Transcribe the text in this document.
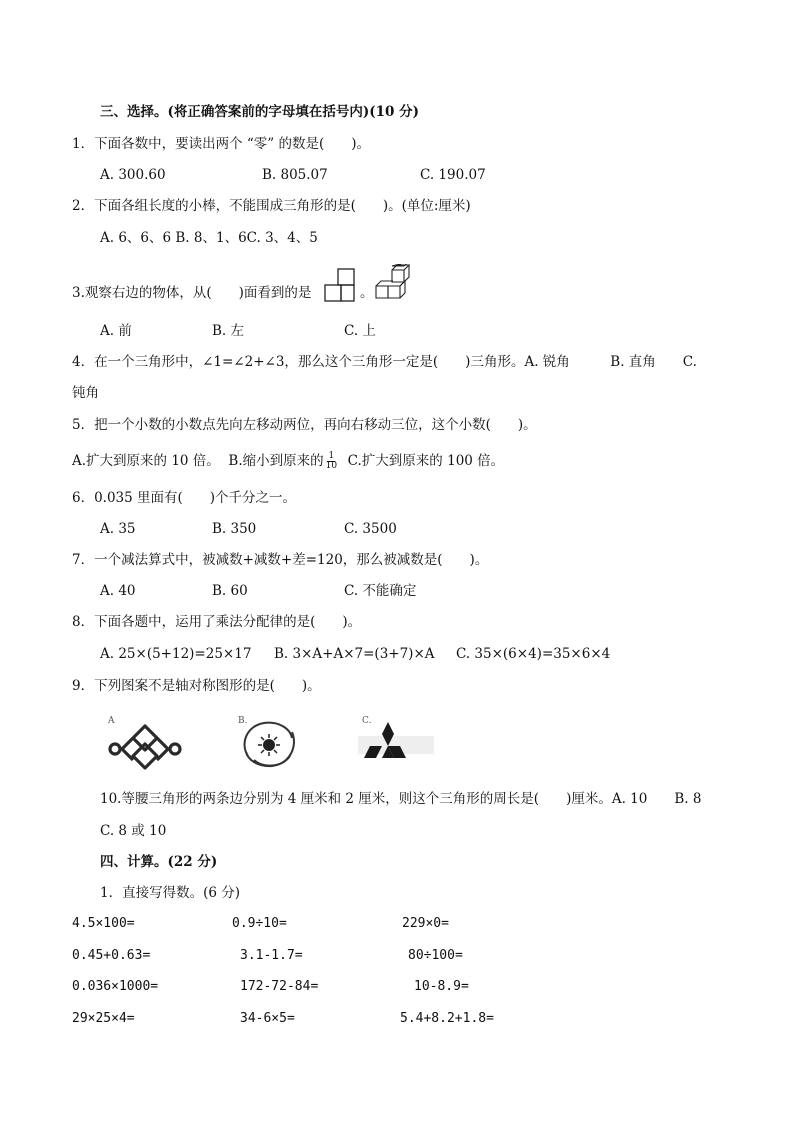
三、选择。(将正确答案前的字母填在括号内)(10 分)
1．下面各数中，要读出两个 “零” 的数是(　　)。
A. 300.60	B. 805.07	C. 190.07
2．下面各组长度的小棒，不能围成三角形的是(　　)。(单位:厘米)
A. 6、6、6 B. 8、1、6C. 3、4、5
3.观察右边的物体，从(　　)面看到的是	。
A. 前	B. 左	C. 上
4．在一个三角形中，∠1=∠2+∠3，那么这个三角形一定是(　　)三角形。A. 锐角　　　B. 直角　　C.
钝角
5．把一个小数的小数点先向左移动两位，再向右移动三位，这个小数(　　)。
A.扩大到原来的 10 倍。 B.缩小到原来的 $\frac{1}{10} C$.扩大到原来的 100 倍。
6．0.035 里面有(　　)个千分之一。
A. 35	B. 350	C. 3500
7．一个减法算式中，被减数+减数+差=120，那么被减数是(　　)。
A. 40	B. 60	C. 不能确定
8．下面各题中，运用了乘法分配律的是(　　)。
A. 25×(5+12)=25×17 B. 3×A+A×7=(3+7)×A C. 35×(6×4)=35×6×4
9．下列图案不是轴对称图形的是(　　)。
A	B.	C.
10.等腰三角形的两条边分别为 4 厘米和 2 厘米，则这个三角形的周长是(　　)厘米。A. 10　　B. 8
C. 8 或 10
四、计算。(22 分)
1．直接写得数。(6 分)
4.5×100=	0.9÷10=	229×0=
0.45+0.63=	3.1-1.7=	80÷100=
0.036×1000=	172-72-84=	10-8.9=
29×25×4=	34-6×5=	5.4+8.2+1.8=
